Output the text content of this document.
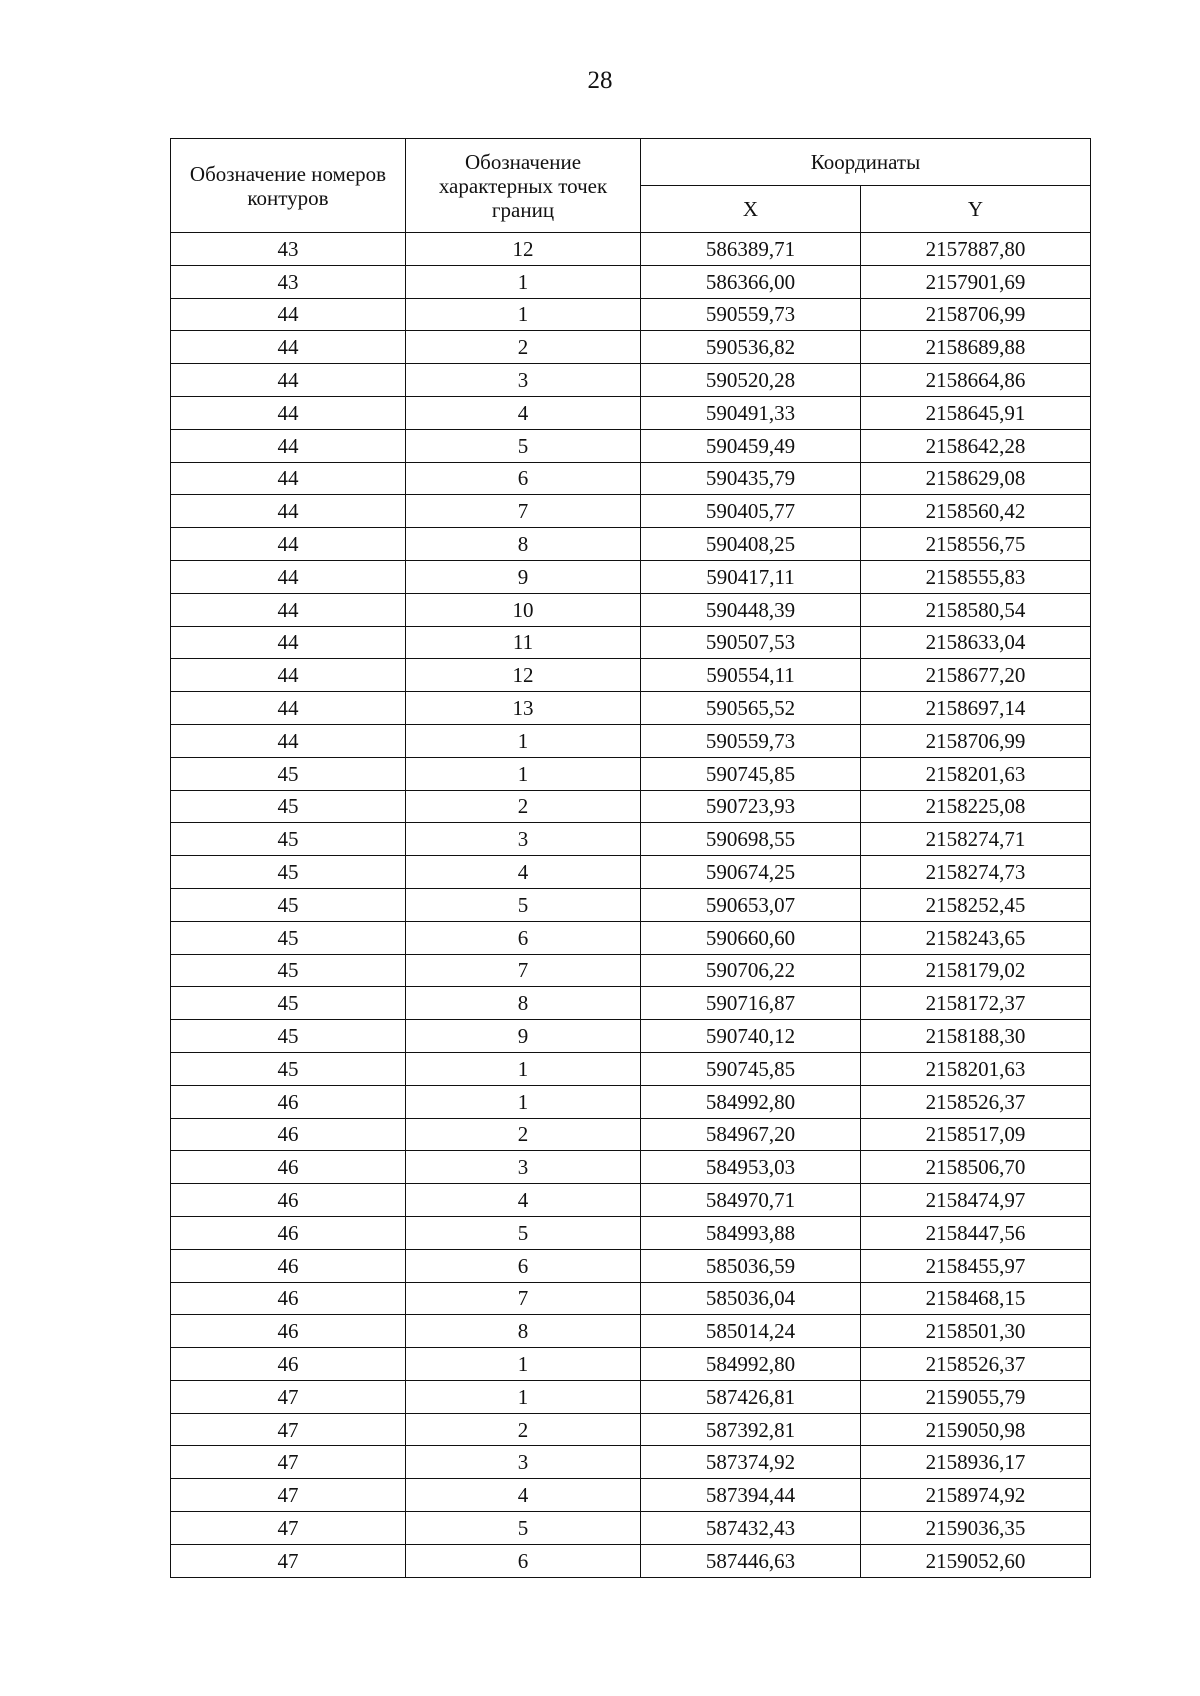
28
Обозначение номеров контуров	Обозначение характерных точек границ	Координаты	
		X	Y
43	12	586389,71	2157887,80
43	1	586366,00	2157901,69
44	1	590559,73	2158706,99
44	2	590536,82	2158689,88
44	3	590520,28	2158664,86
44	4	590491,33	2158645,91
44	5	590459,49	2158642,28
44	6	590435,79	2158629,08
44	7	590405,77	2158560,42
44	8	590408,25	2158556,75
44	9	590417,11	2158555,83
44	10	590448,39	2158580,54
44	11	590507,53	2158633,04
44	12	590554,11	2158677,20
44	13	590565,52	2158697,14
44	1	590559,73	2158706,99
45	1	590745,85	2158201,63
45	2	590723,93	2158225,08
45	3	590698,55	2158274,71
45	4	590674,25	2158274,73
45	5	590653,07	2158252,45
45	6	590660,60	2158243,65
45	7	590706,22	2158179,02
45	8	590716,87	2158172,37
45	9	590740,12	2158188,30
45	1	590745,85	2158201,63
46	1	584992,80	2158526,37
46	2	584967,20	2158517,09
46	3	584953,03	2158506,70
46	4	584970,71	2158474,97
46	5	584993,88	2158447,56
46	6	585036,59	2158455,97
46	7	585036,04	2158468,15
46	8	585014,24	2158501,30
46	1	584992,80	2158526,37
47	1	587426,81	2159055,79
47	2	587392,81	2159050,98
47	3	587374,92	2158936,17
47	4	587394,44	2158974,92
47	5	587432,43	2159036,35
47	6	587446,63	2159052,60
